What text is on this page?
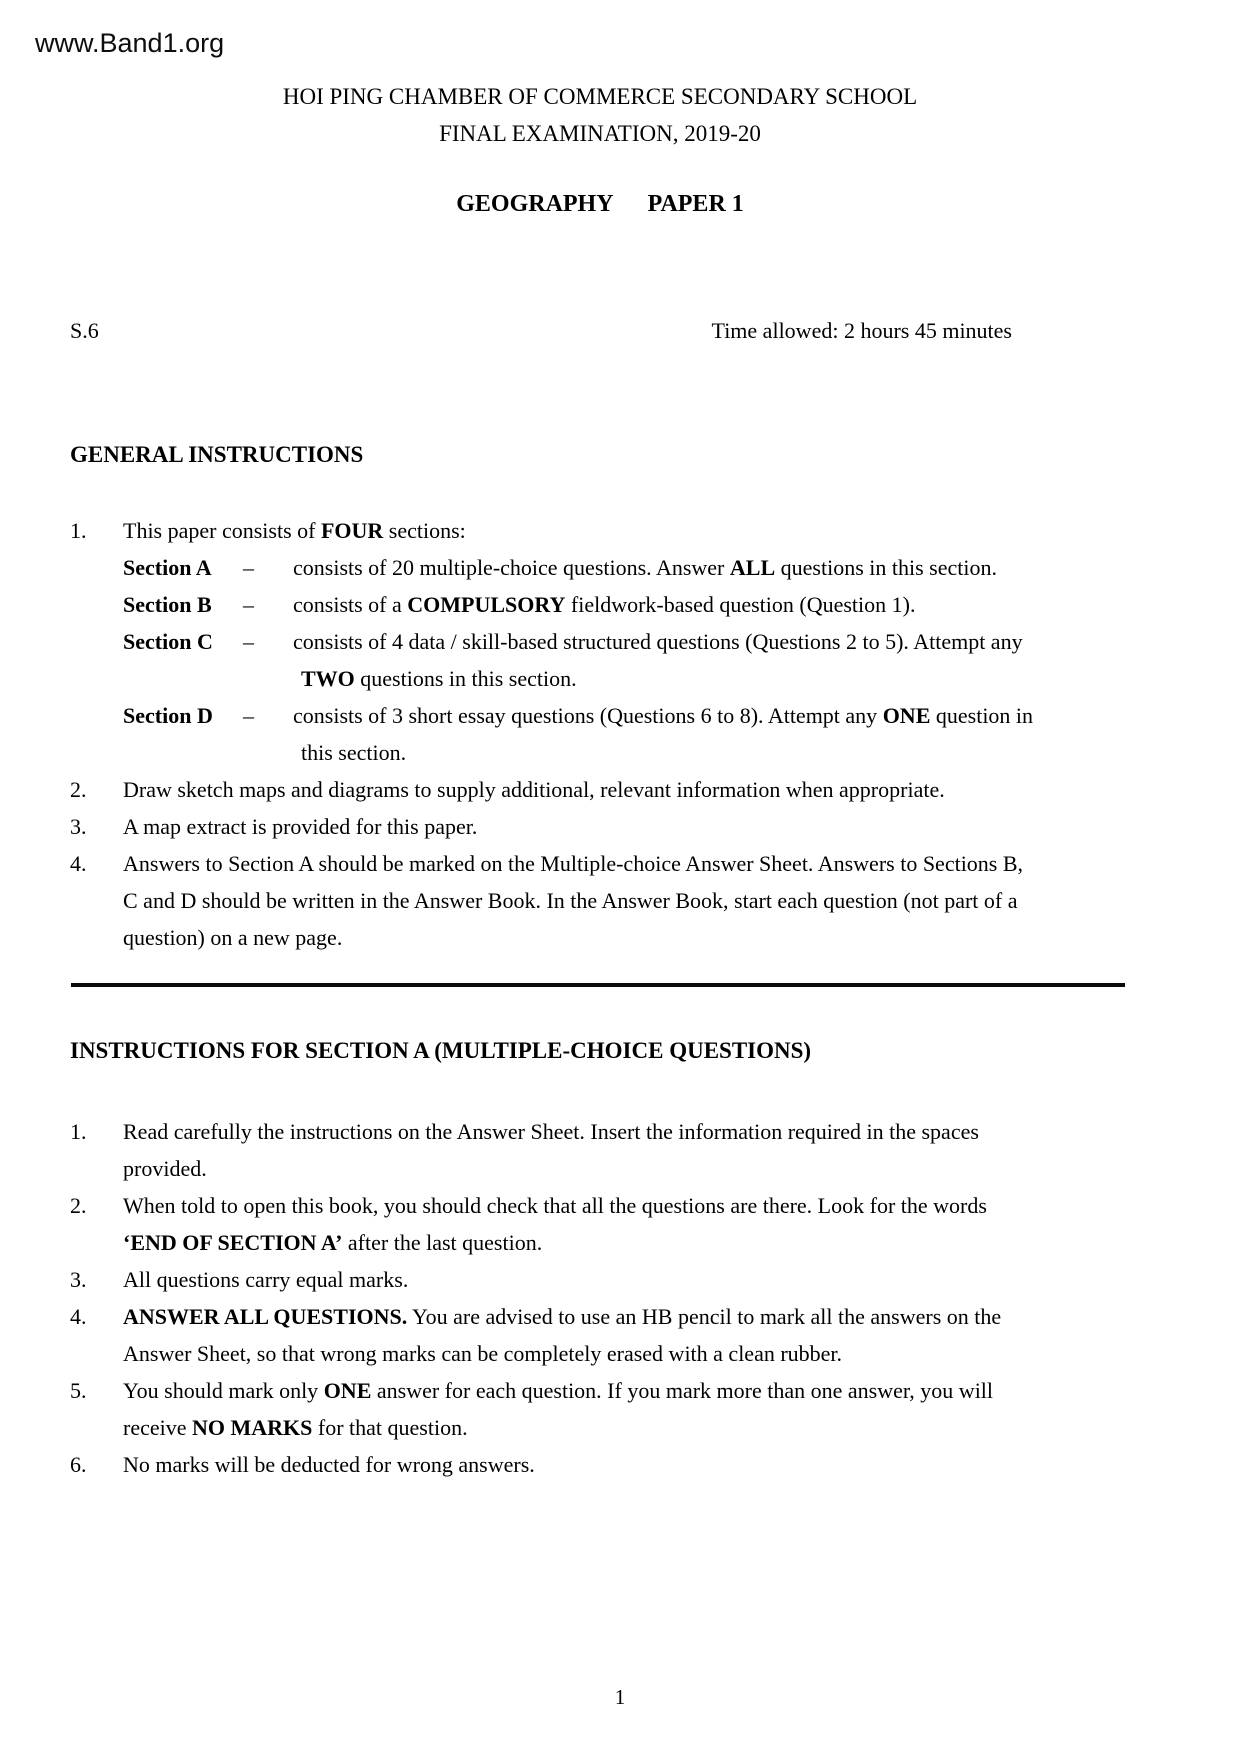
www.Band1.org
HOI PING CHAMBER OF COMMERCE SECONDARY SCHOOL
FINAL EXAMINATION, 2019-20
GEOGRAPHY PAPER 1
S.6	Time allowed: 2 hours 45 minutes
GENERAL INSTRUCTIONS
1.	This paper consists of FOUR sections:
Section A	–	consists of 20 multiple-choice questions. Answer ALL questions in this section.
Section B	–	consists of a COMPULSORY fieldwork-based question (Question 1).
Section C	–	consists of 4 data / skill-based structured questions (Questions 2 to 5). Attempt any
TWO questions in this section.
Section D	–	consists of 3 short essay questions (Questions 6 to 8). Attempt any ONE question in
this section.
2.	Draw sketch maps and diagrams to supply additional, relevant information when appropriate.
3.	A map extract is provided for this paper.
4.	Answers to Section A should be marked on the Multiple-choice Answer Sheet. Answers to Sections B,
C and D should be written in the Answer Book. In the Answer Book, start each question (not part of a
question) on a new page.
INSTRUCTIONS FOR SECTION A (MULTIPLE-CHOICE QUESTIONS)
1.	Read carefully the instructions on the Answer Sheet. Insert the information required in the spaces
provided.
2.	When told to open this book, you should check that all the questions are there. Look for the words
‘END OF SECTION A’ after the last question.
3.	All questions carry equal marks.
4.	ANSWER ALL QUESTIONS. You are advised to use an HB pencil to mark all the answers on the
Answer Sheet, so that wrong marks can be completely erased with a clean rubber.
5.	You should mark only ONE answer for each question. If you mark more than one answer, you will
receive NO MARKS for that question.
6.	No marks will be deducted for wrong answers.
1
